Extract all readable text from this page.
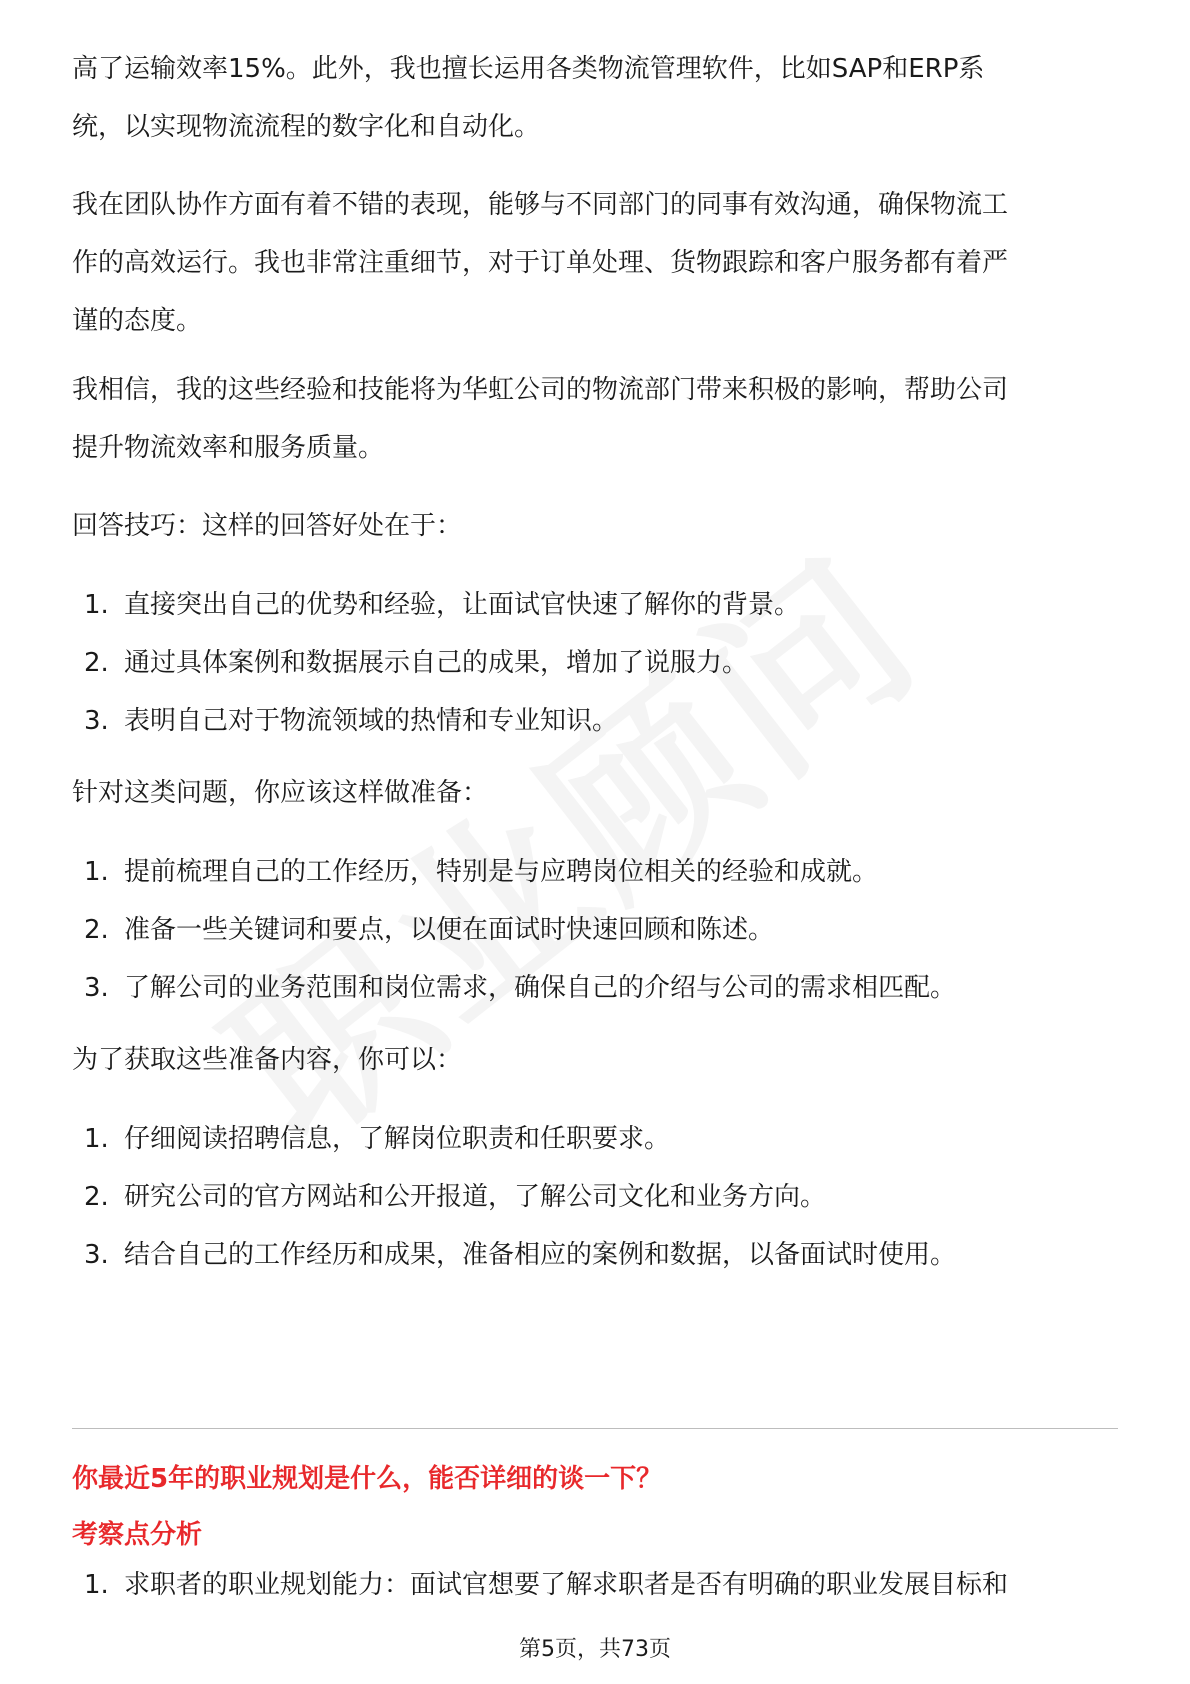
高了运输效率15%。此外，我也擅长运用各类物流管理软件，比如SAP和ERP系

统，以实现物流流程的数字化和自动化。

我在团队协作方面有着不错的表现，能够与不同部门的同事有效沟通，确保物流工

作的高效运行。我也非常注重细节，对于订单处理、货物跟踪和客户服务都有着严

谨的态度。

我相信，我的这些经验和技能将为华虹公司的物流部门带来积极的影响，帮助公司

提升物流效率和服务质量。

回答技巧：这样的回答好处在于：

1. 直接突出自己的优势和经验，让面试官快速了解你的背景。
2. 通过具体案例和数据展示自己的成果，增加了说服力。
3. 表明自己对于物流领域的热情和专业知识。

针对这类问题，你应该这样做准备：

1. 提前梳理自己的工作经历，特别是与应聘岗位相关的经验和成就。
2. 准备一些关键词和要点，以便在面试时快速回顾和陈述。
3. 了解公司的业务范围和岗位需求，确保自己的介绍与公司的需求相匹配。

为了获取这些准备内容，你可以：

1. 仔细阅读招聘信息，了解岗位职责和任职要求。
2. 研究公司的官方网站和公开报道，了解公司文化和业务方向。
3. 结合自己的工作经历和成果，准备相应的案例和数据，以备面试时使用。
你最近5年的职业规划是什么，能否详细的谈一下？
考察点分析
1. 求职者的职业规划能力：面试官想要了解求职者是否有明确的职业发展目标和
第5页，共73页
